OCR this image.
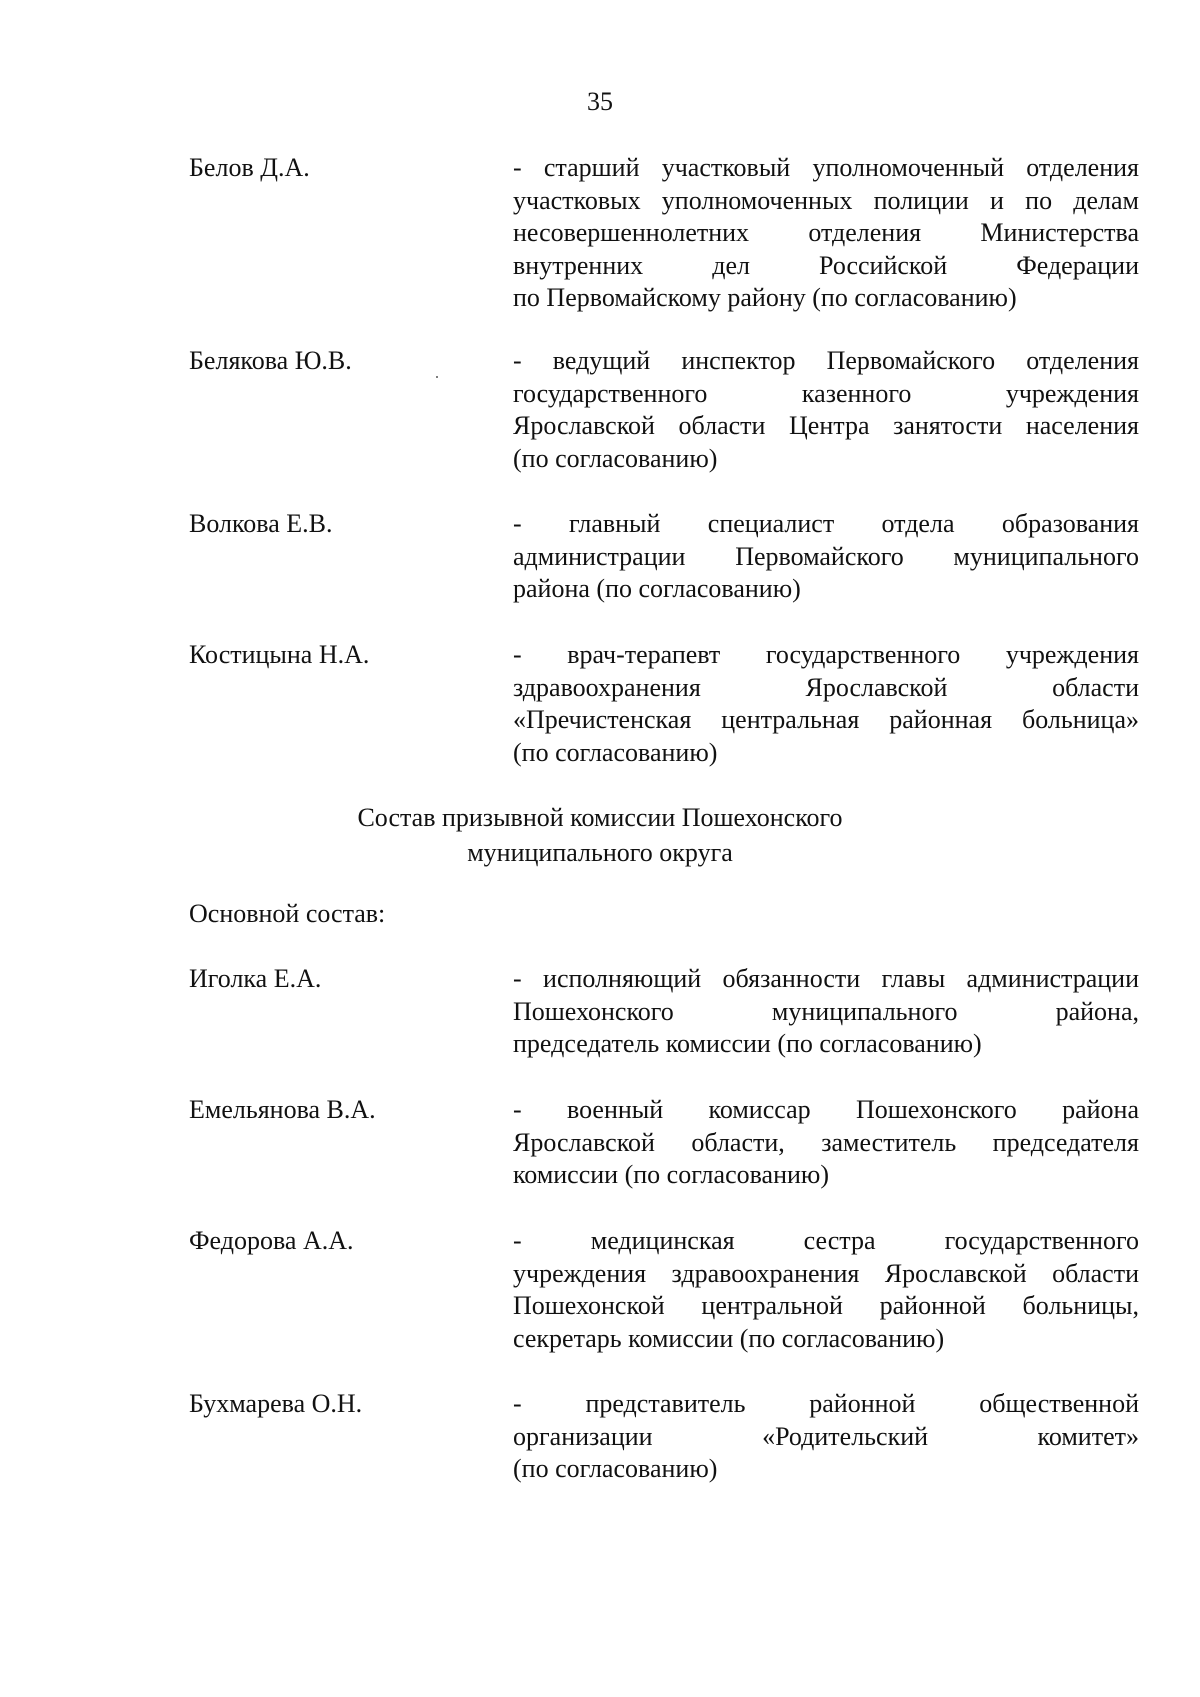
35
Белов Д.А.	- старший участковый уполномоченный отделения
участковых уполномоченных полиции и по делам
несовершеннолетних отделения Министерства
внутренних дел Российской Федерации
по Первомайскому району (по согласованию)
Белякова Ю.В.	- ведущий инспектор Первомайского отделения
государственного казенного учреждения
Ярославской области Центра занятости населения
(по согласованию)
Волкова Е.В.	- главный специалист отдела образования
администрации Первомайского муниципального
района (по согласованию)
Костицына Н.А.	- врач-терапевт государственного учреждения
здравоохранения Ярославской области
«Пречистенская центральная районная больница»
(по согласованию)
Состав призывной комиссии Пошехонского
муниципального округа
Основной состав:
Иголка Е.А.	- исполняющий обязанности главы администрации
Пошехонского муниципального района,
председатель комиссии (по согласованию)
Емельянова В.А.	- военный комиссар Пошехонского района
Ярославской области, заместитель председателя
комиссии (по согласованию)
Федорова А.А.	- медицинская сестра государственного
учреждения здравоохранения Ярославской области
Пошехонской центральной районной больницы,
секретарь комиссии (по согласованию)
Бухмарева О.Н.	- представитель районной общественной
организации «Родительский комитет»
(по согласованию)
